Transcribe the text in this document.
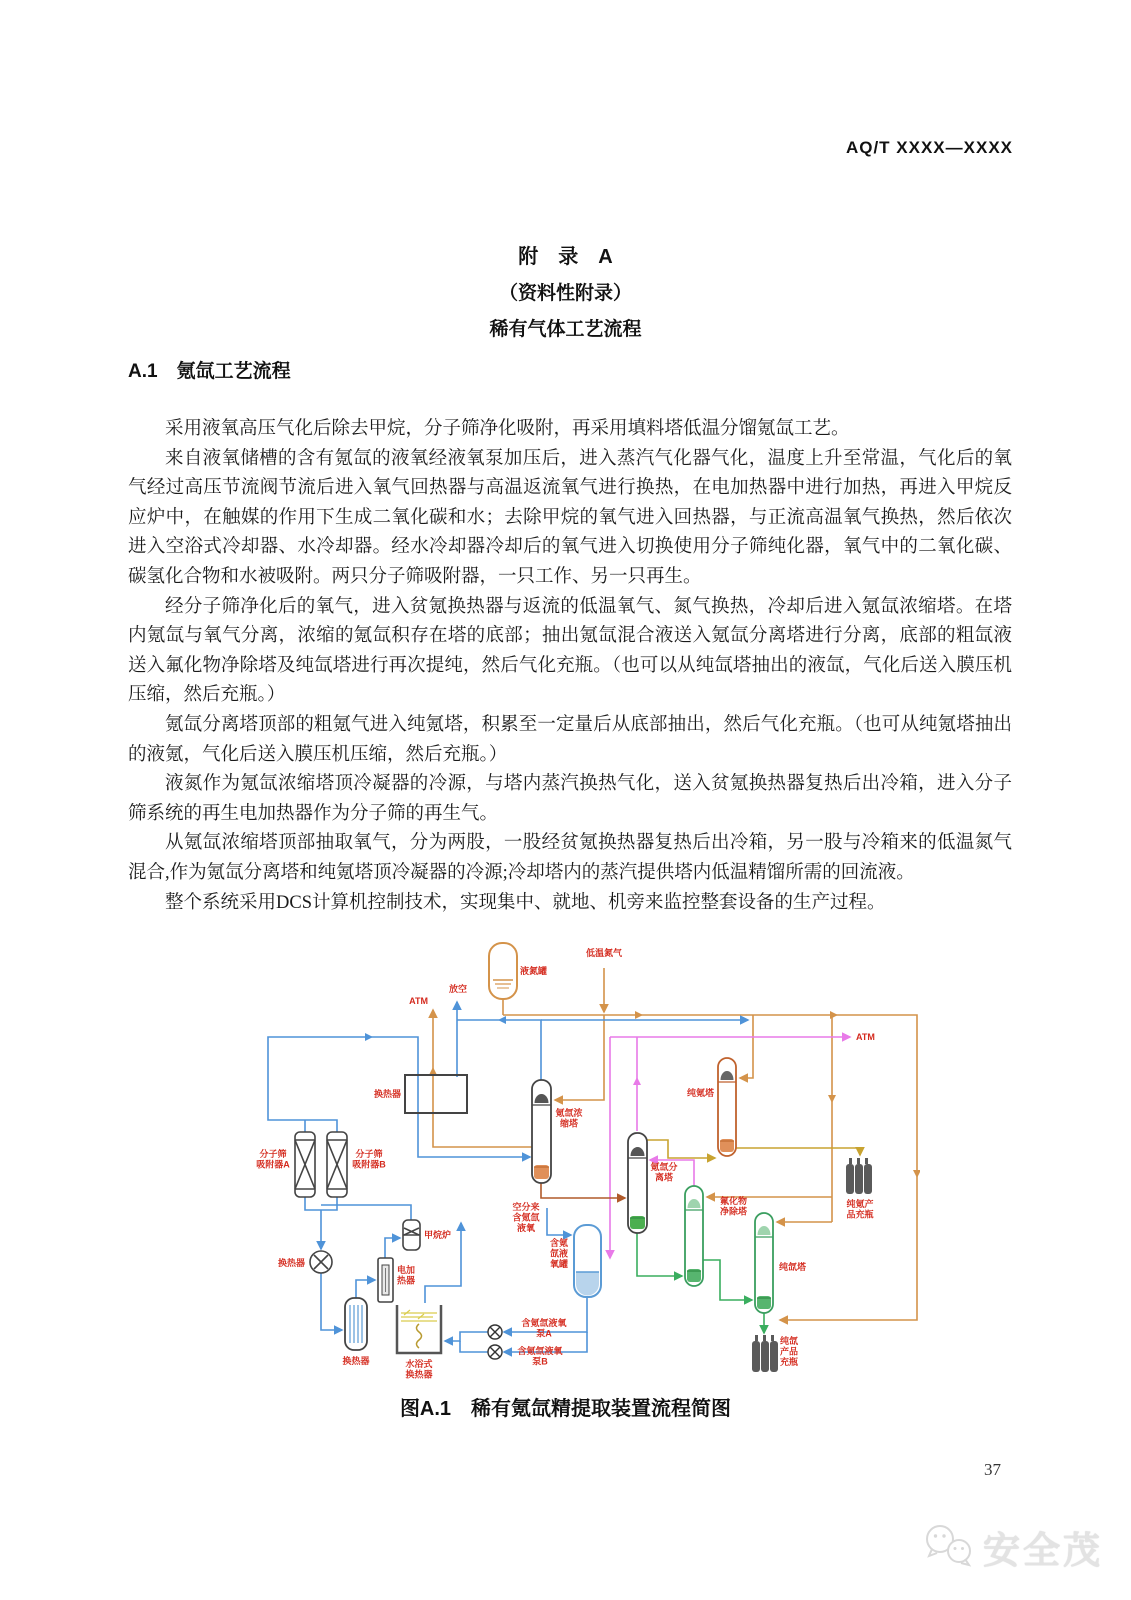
AQ/T XXXX—XXXX

附　录　A

（资料性附录）

稀有气体工艺流程

A.1　氪氙工艺流程

采用液氧高压气化后除去甲烷，分子筛净化吸附，再采用填料塔低温分馏氪氙工艺。

来自液氧储槽的含有氪氙的液氧经液氧泵加压后，进入蒸汽气化器气化，温度上升至常温，气化后的氧气经过高压节流阀节流后进入氧气回热器与高温返流氧气进行换热，在电加热器中进行加热，再进入甲烷反应炉中，在触媒的作用下生成二氧化碳和水；去除甲烷的氧气进入回热器，与正流高温氧气换热，然后依次进入空浴式冷却器、水冷却器。经水冷却器冷却后的氧气进入切换使用分子筛纯化器，氧气中的二氧化碳、碳氢化合物和水被吸附。两只分子筛吸附器，一只工作、另一只再生。

经分子筛净化后的氧气，进入贫氪换热器与返流的低温氧气、氮气换热，冷却后进入氪氙浓缩塔。在塔内氪氙与氧气分离，浓缩的氪氙积存在塔的底部；抽出氪氙混合液送入氪氙分离塔进行分离，底部的粗氙液送入氟化物净除塔及纯氙塔进行再次提纯，然后气化充瓶。（也可以从纯氙塔抽出的液氙，气化后送入膜压机压缩，然后充瓶。）

氪氙分离塔顶部的粗氪气进入纯氪塔，积累至一定量后从底部抽出，然后气化充瓶。（也可从纯氪塔抽出的液氪，气化后送入膜压机压缩，然后充瓶。）

液氮作为氪氙浓缩塔顶冷凝器的冷源，与塔内蒸汽换热气化，送入贫氪换热器复热后出冷箱，进入分子筛系统的再生电加热器作为分子筛的再生气。

从氪氙浓缩塔顶部抽取氧气，分为两股，一股经贫氪换热器复热后出冷箱，另一股与冷箱来的低温氮气混合,作为氪氙分离塔和纯氪塔顶冷凝器的冷源;冷却塔内的蒸汽提供塔内低温精馏所需的回流液。

整个系统采用DCS计算机控制技术，实现集中、就地、机旁来监控整套设备的生产过程。

液氮罐
低温氮气
ATM
放空
换热器
分子筛吸附器A
分子筛吸附器B
换热器
甲烷炉
电加热器
换热器	水浴式换热器
空分来含氪氙液氧
含氪氙液氧罐
含氪氙液氧泵A
含氪氙液氧泵B
氪氙浓缩塔
氪氙分离塔
纯氪塔
氟化物净除塔
纯氙塔
纯氪产品充瓶
纯氙产品充瓶
ATM
图A.1　稀有氪氙精提取装置流程简图
37
安全茂
